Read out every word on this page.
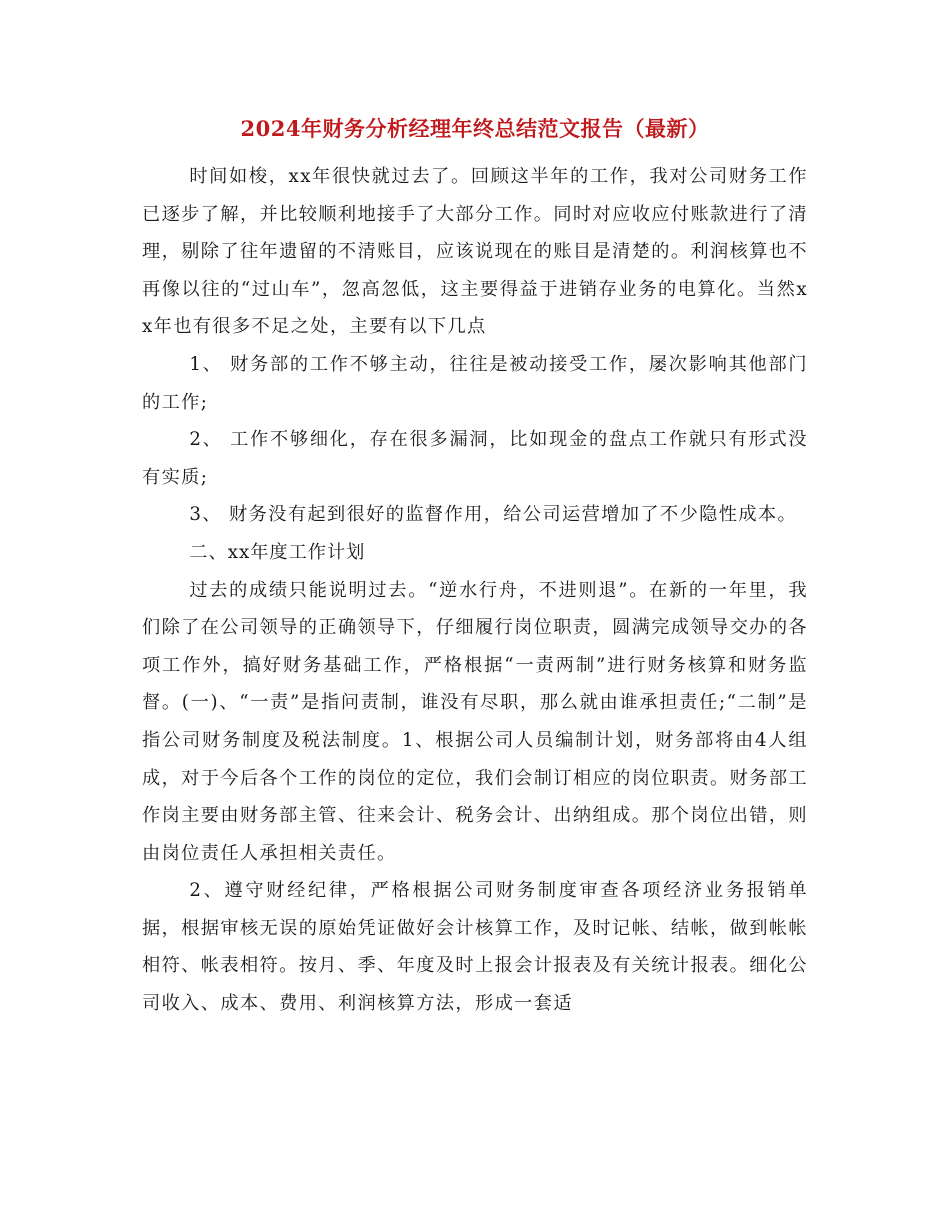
2024年财务分析经理年终总结范文报告（最新）

时间如梭，xx年很快就过去了。回顾这半年的工作，我对公司财务工作已逐步了解，并比较顺利地接手了大部分工作。同时对应收应付账款进行了清理，剔除了往年遗留的不清账目，应该说现在的账目是清楚的。利润核算也不再像以往的“过山车”，忽高忽低，这主要得益于进销存业务的电算化。当然xx年也有很多不足之处，主要有以下几点

1、 财务部的工作不够主动，往往是被动接受工作，屡次影响其他部门的工作;

2、 工作不够细化，存在很多漏洞，比如现金的盘点工作就只有形式没有实质;

3、 财务没有起到很好的监督作用，给公司运营增加了不少隐性成本。

二、xx年度工作计划

过去的成绩只能说明过去。“逆水行舟，不进则退”。在新的一年里，我们除了在公司领导的正确领导下，仔细履行岗位职责，圆满完成领导交办的各项工作外，搞好财务基础工作，严格根据“一责两制”进行财务核算和财务监督。(一)、“一责”是指问责制，谁没有尽职，那么就由谁承担责任;“二制”是指公司财务制度及税法制度。1、根据公司人员编制计划，财务部将由4人组成，对于今后各个工作的岗位的定位，我们会制订相应的岗位职责。财务部工作岗主要由财务部主管、往来会计、税务会计、出纳组成。那个岗位出错，则由岗位责任人承担相关责任。

2、遵守财经纪律，严格根据公司财务制度审查各项经济业务报销单据，根据审核无误的原始凭证做好会计核算工作，及时记帐、结帐，做到帐帐相符、帐表相符。按月、季、年度及时上报会计报表及有关统计报表。细化公司收入、成本、费用、利润核算方法，形成一套适
